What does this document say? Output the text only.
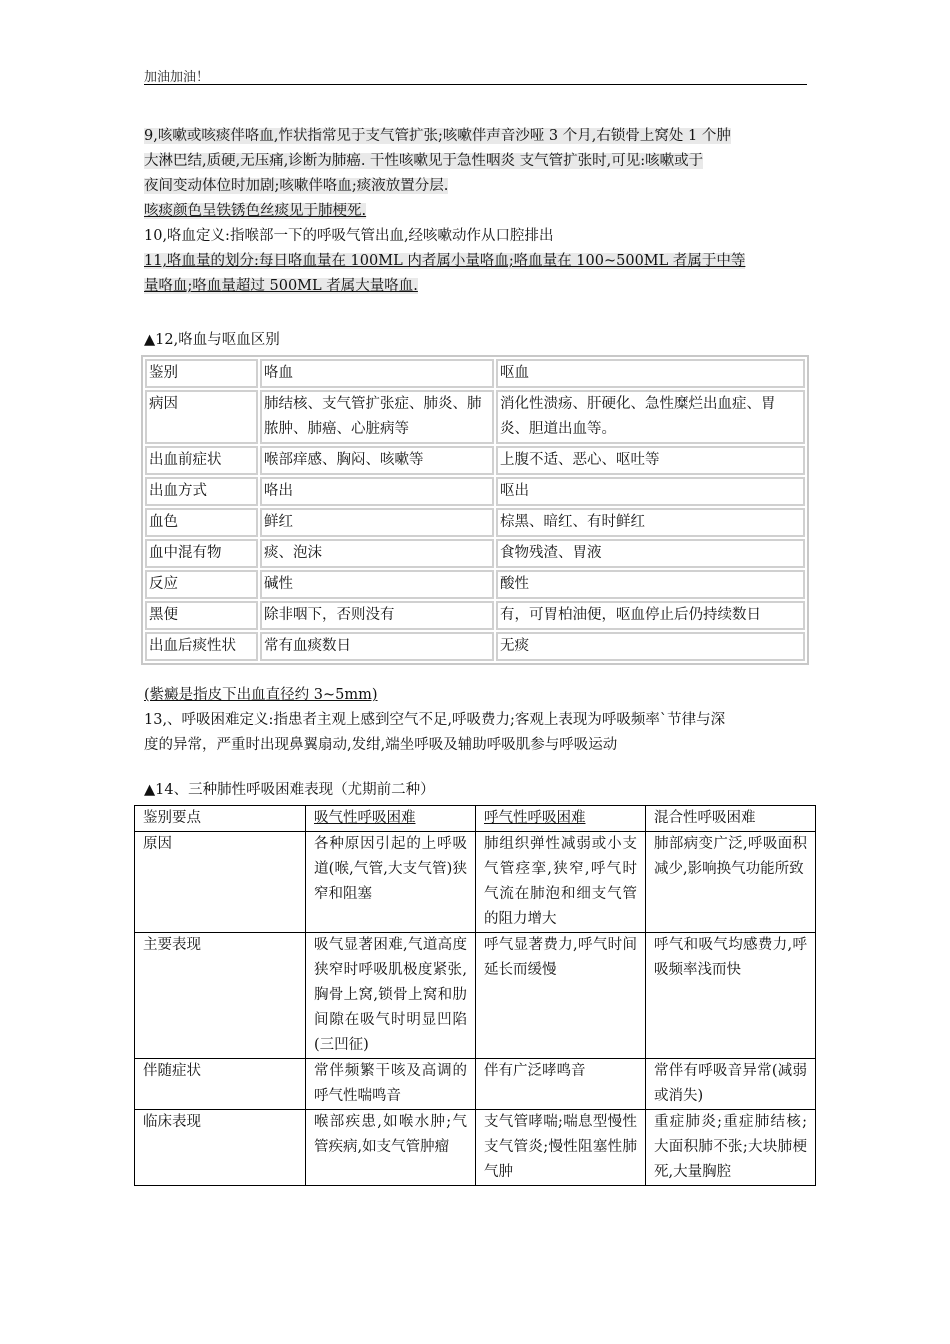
加油加油！

9,咳嗽或咳痰伴咯血,怍状指常见于支气管扩张;咳嗽伴声音沙哑 3 个月,右锁骨上窝处 1 个肿

大淋巴结,质硬,无压痛,诊断为肺癌. 干性咳嗽见于急性咽炎 支气管扩张时,可见:咳嗽或于

夜间变动体位时加剧;咳嗽伴咯血;痰液放置分层.

咳痰颜色呈铁锈色丝痰见于肺梗死.

10,咯血定义:指喉部一下的呼吸气管出血,经咳嗽动作从口腔排出

11,咯血量的划分:每日咯血量在 100ML 内者属小量咯血;咯血量在 100~500ML 者属于中等

量咯血;咯血量超过 500ML 者属大量咯血.

▲12,咯血与呕血区别

鉴别	咯血	呕血
病因	肺结核、支气管扩张症、肺炎、肺脓肿、肺癌、心脏病等	消化性溃疡、肝硬化、急性糜烂出血症、胃炎、胆道出血等。
出血前症状	喉部痒感、胸闷、咳嗽等	上腹不适、恶心、呕吐等
出血方式	咯出	呕出
血色	鲜红	棕黑、暗红、有时鲜红
血中混有物	痰、泡沫	食物残渣、胃液
反应	碱性	酸性
黑便	除非咽下，否则没有	有，可胃柏油便，呕血停止后仍持续数日
出血后痰性状	常有血痰数日	无痰

(紫癜是指皮下出血直径约 3~5mm)

13,、呼吸困难定义:指患者主观上感到空气不足,呼吸费力;客观上表现为呼吸频率`节律与深

度的异常，严重时出现鼻翼扇动,发绀,端坐呼吸及辅助呼吸肌参与呼吸运动

▲14、三种肺性呼吸困难表现（尤期前二种）

鉴别要点	吸气性呼吸困难	呼气性呼吸困难	混合性呼吸困难
原因	各种原因引起的上呼吸道(喉,气管,大支气管)狭窄和阻塞	肺组织弹性减弱或小支气管痉挛,狭窄,呼气时气流在肺泡和细支气管的阻力增大	肺部病变广泛,呼吸面积减少,影响换气功能所致
主要表现	吸气显著困难,气道高度狭窄时呼吸肌极度紧张,胸骨上窝,锁骨上窝和肋间隙在吸气时明显凹陷(三凹征)	呼气显著费力,呼气时间延长而缓慢	呼气和吸气均感费力,呼吸频率浅而快
伴随症状	常伴频繁干咳及高调的呼气性喘鸣音	伴有广泛哮鸣音	常伴有呼吸音异常(减弱或消失)
临床表现	喉部疾患,如喉水肿;气管疾病,如支气管肿瘤	支气管哮喘;喘息型慢性支气管炎;慢性阻塞性肺气肿	重症肺炎;重症肺结核;大面积肺不张;大块肺梗死,大量胸腔
